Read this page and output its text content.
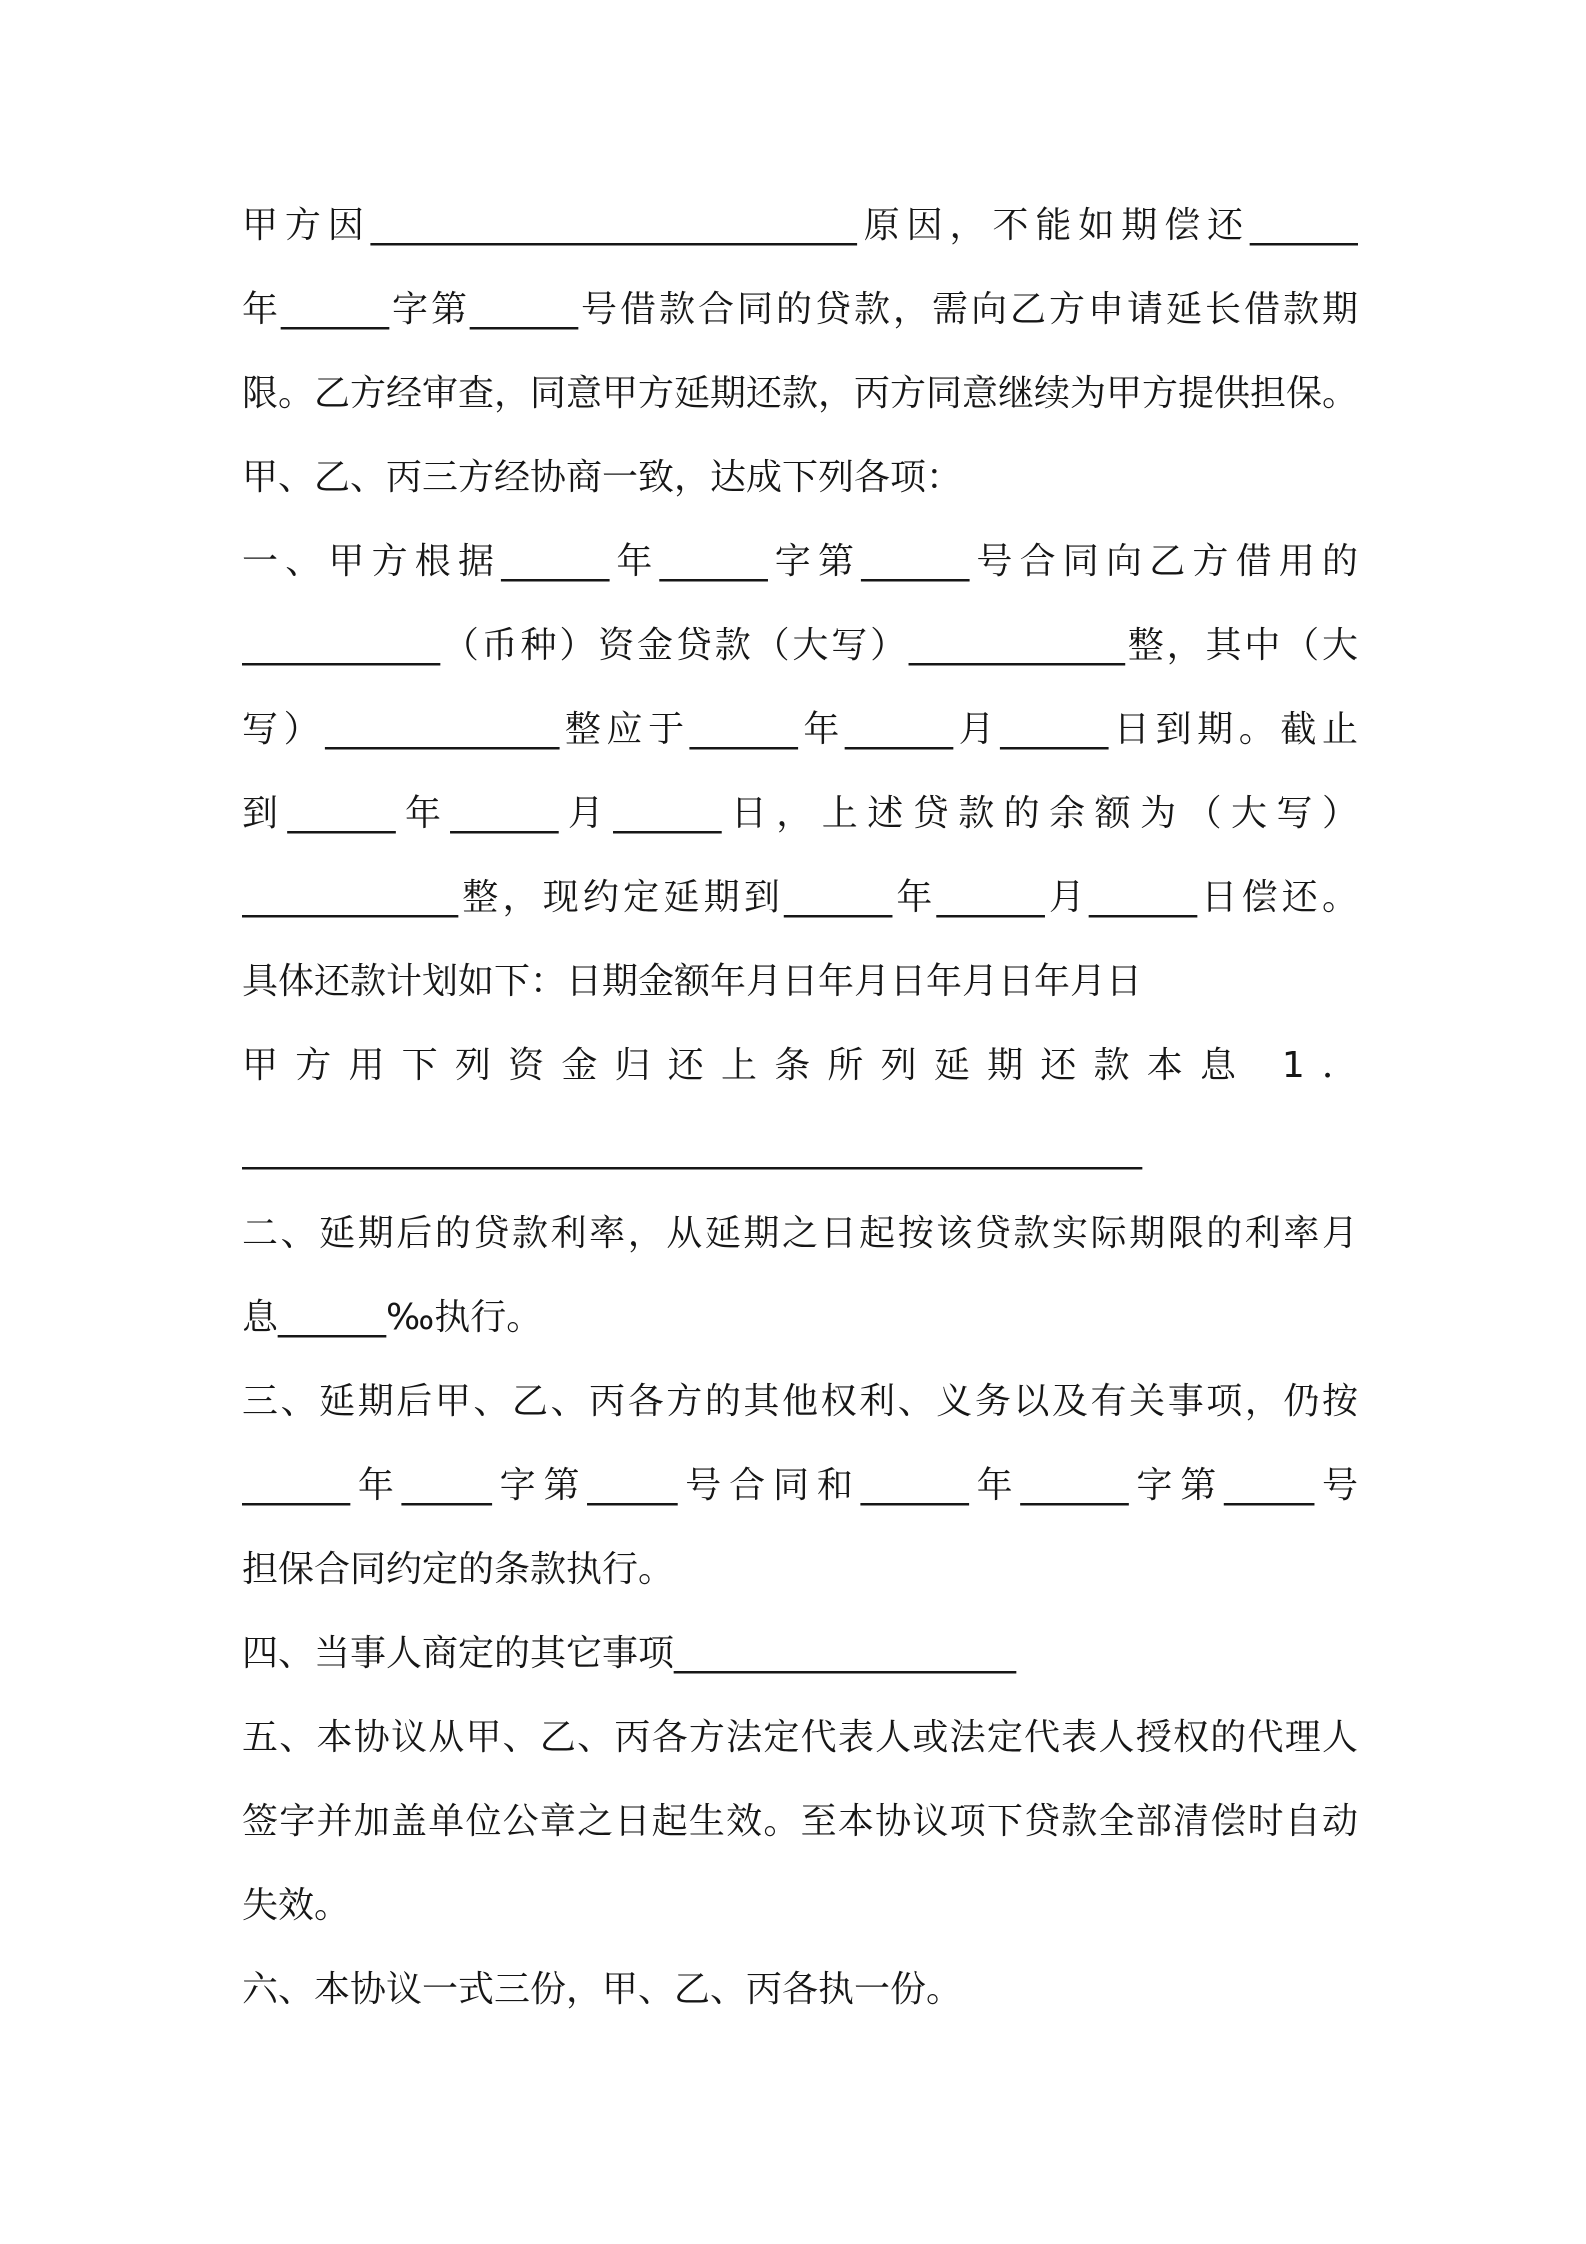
甲方因___________________________原因，不能如期偿还______
年______字第______号借款合同的贷款，需向乙方申请延长借款期
限。乙方经审查，同意甲方延期还款，丙方同意继续为甲方提供担保。
甲、乙、丙三方经协商一致，达成下列各项：
一、甲方根据______年______字第______号合同向乙方借用的
___________（币种）资金贷款（大写）____________整，其中（大
写）_____________整应于______年______月______日到期。截止
到______年______月______日，上述贷款的余额为（大写）
____________整，现约定延期到______年______月______日偿还。
具体还款计划如下：日期金额年月日年月日年月日年月日
甲方用下列资金归还上条所列延期还款本息 1．
__________________________________________________
二、延期后的贷款利率，从延期之日起按该贷款实际期限的利率月
息______‰执行。
三、延期后甲、乙、丙各方的其他权利、义务以及有关事项，仍按
______年_____字第_____号合同和______年______字第_____号
担保合同约定的条款执行。
四、当事人商定的其它事项___________________
五、本协议从甲、乙、丙各方法定代表人或法定代表人授权的代理人
签字并加盖单位公章之日起生效。至本协议项下贷款全部清偿时自动
失效。
六、本协议一式三份，甲、乙、丙各执一份。
